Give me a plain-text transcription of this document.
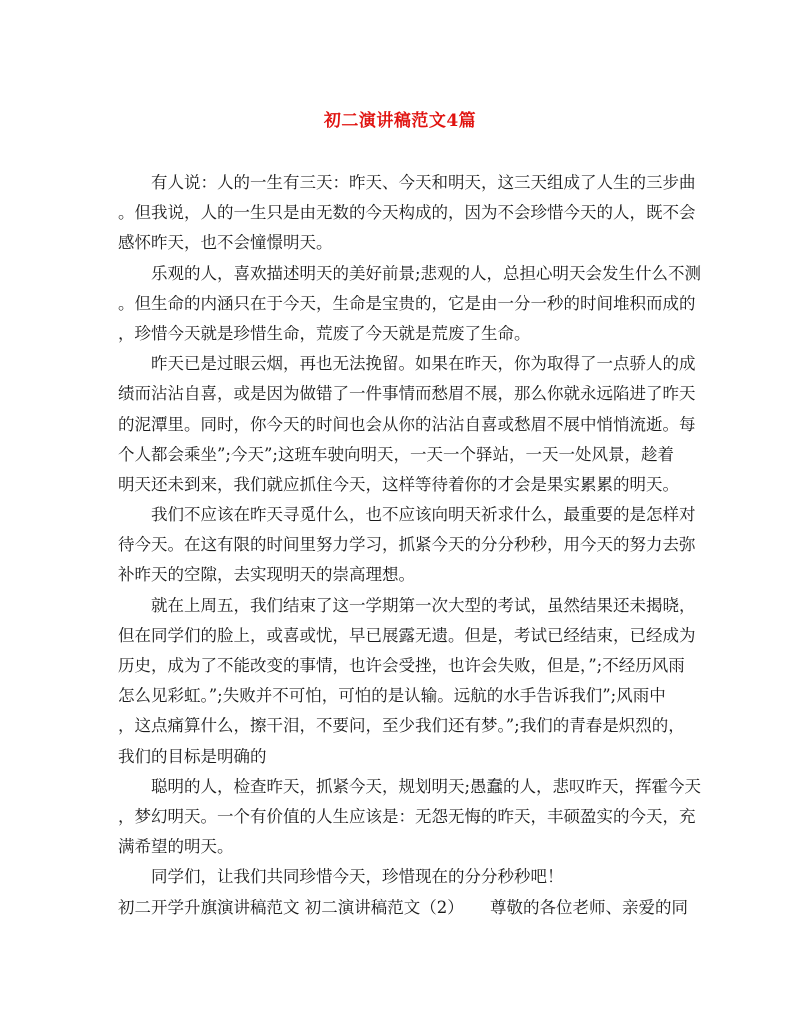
初二演讲稿范文4篇
有人说：人的一生有三天：昨天、今天和明天，这三天组成了人生的三步曲
。但我说，人的一生只是由无数的今天构成的，因为不会珍惜今天的人，既不会
感怀昨天，也不会憧憬明天。
乐观的人，喜欢描述明天的美好前景;悲观的人，总担心明天会发生什么不测
。但生命的内涵只在于今天，生命是宝贵的，它是由一分一秒的时间堆积而成的
，珍惜今天就是珍惜生命，荒废了今天就是荒废了生命。
昨天已是过眼云烟，再也无法挽留。如果在昨天，你为取得了一点骄人的成
绩而沾沾自喜，或是因为做错了一件事情而愁眉不展，那么你就永远陷进了昨天
的泥潭里。同时，你今天的时间也会从你的沾沾自喜或愁眉不展中悄悄流逝。每
个人都会乘坐”;今天”;这班车驶向明天，一天一个驿站，一天一处风景，趁着
明天还未到来，我们就应抓住今天，这样等待着你的才会是果实累累的明天。
我们不应该在昨天寻觅什么，也不应该向明天祈求什么，最重要的是怎样对
待今天。在这有限的时间里努力学习，抓紧今天的分分秒秒，用今天的努力去弥
补昨天的空隙，去实现明天的崇高理想。
就在上周五，我们结束了这一学期第一次大型的考试，虽然结果还未揭晓，
但在同学们的脸上，或喜或忧，早已展露无遗。但是，考试已经结束，已经成为
历史，成为了不能改变的事情，也许会受挫，也许会失败，但是，”;不经历风雨
怎么见彩虹。”;失败并不可怕，可怕的是认输。远航的水手告诉我们”;风雨中
，这点痛算什么，擦干泪，不要问，至少我们还有梦。”;我们的青春是炽烈的，
我们的目标是明确的
聪明的人，检查昨天，抓紧今天，规划明天;愚蠢的人，悲叹昨天，挥霍今天
，梦幻明天。一个有价值的人生应该是：无怨无悔的昨天，丰硕盈实的今天，充
满希望的明天。
同学们，让我们共同珍惜今天，珍惜现在的分分秒秒吧！
初二开学升旗演讲稿范文 初二演讲稿范文（2） 尊敬的各位老师、亲爱的同
